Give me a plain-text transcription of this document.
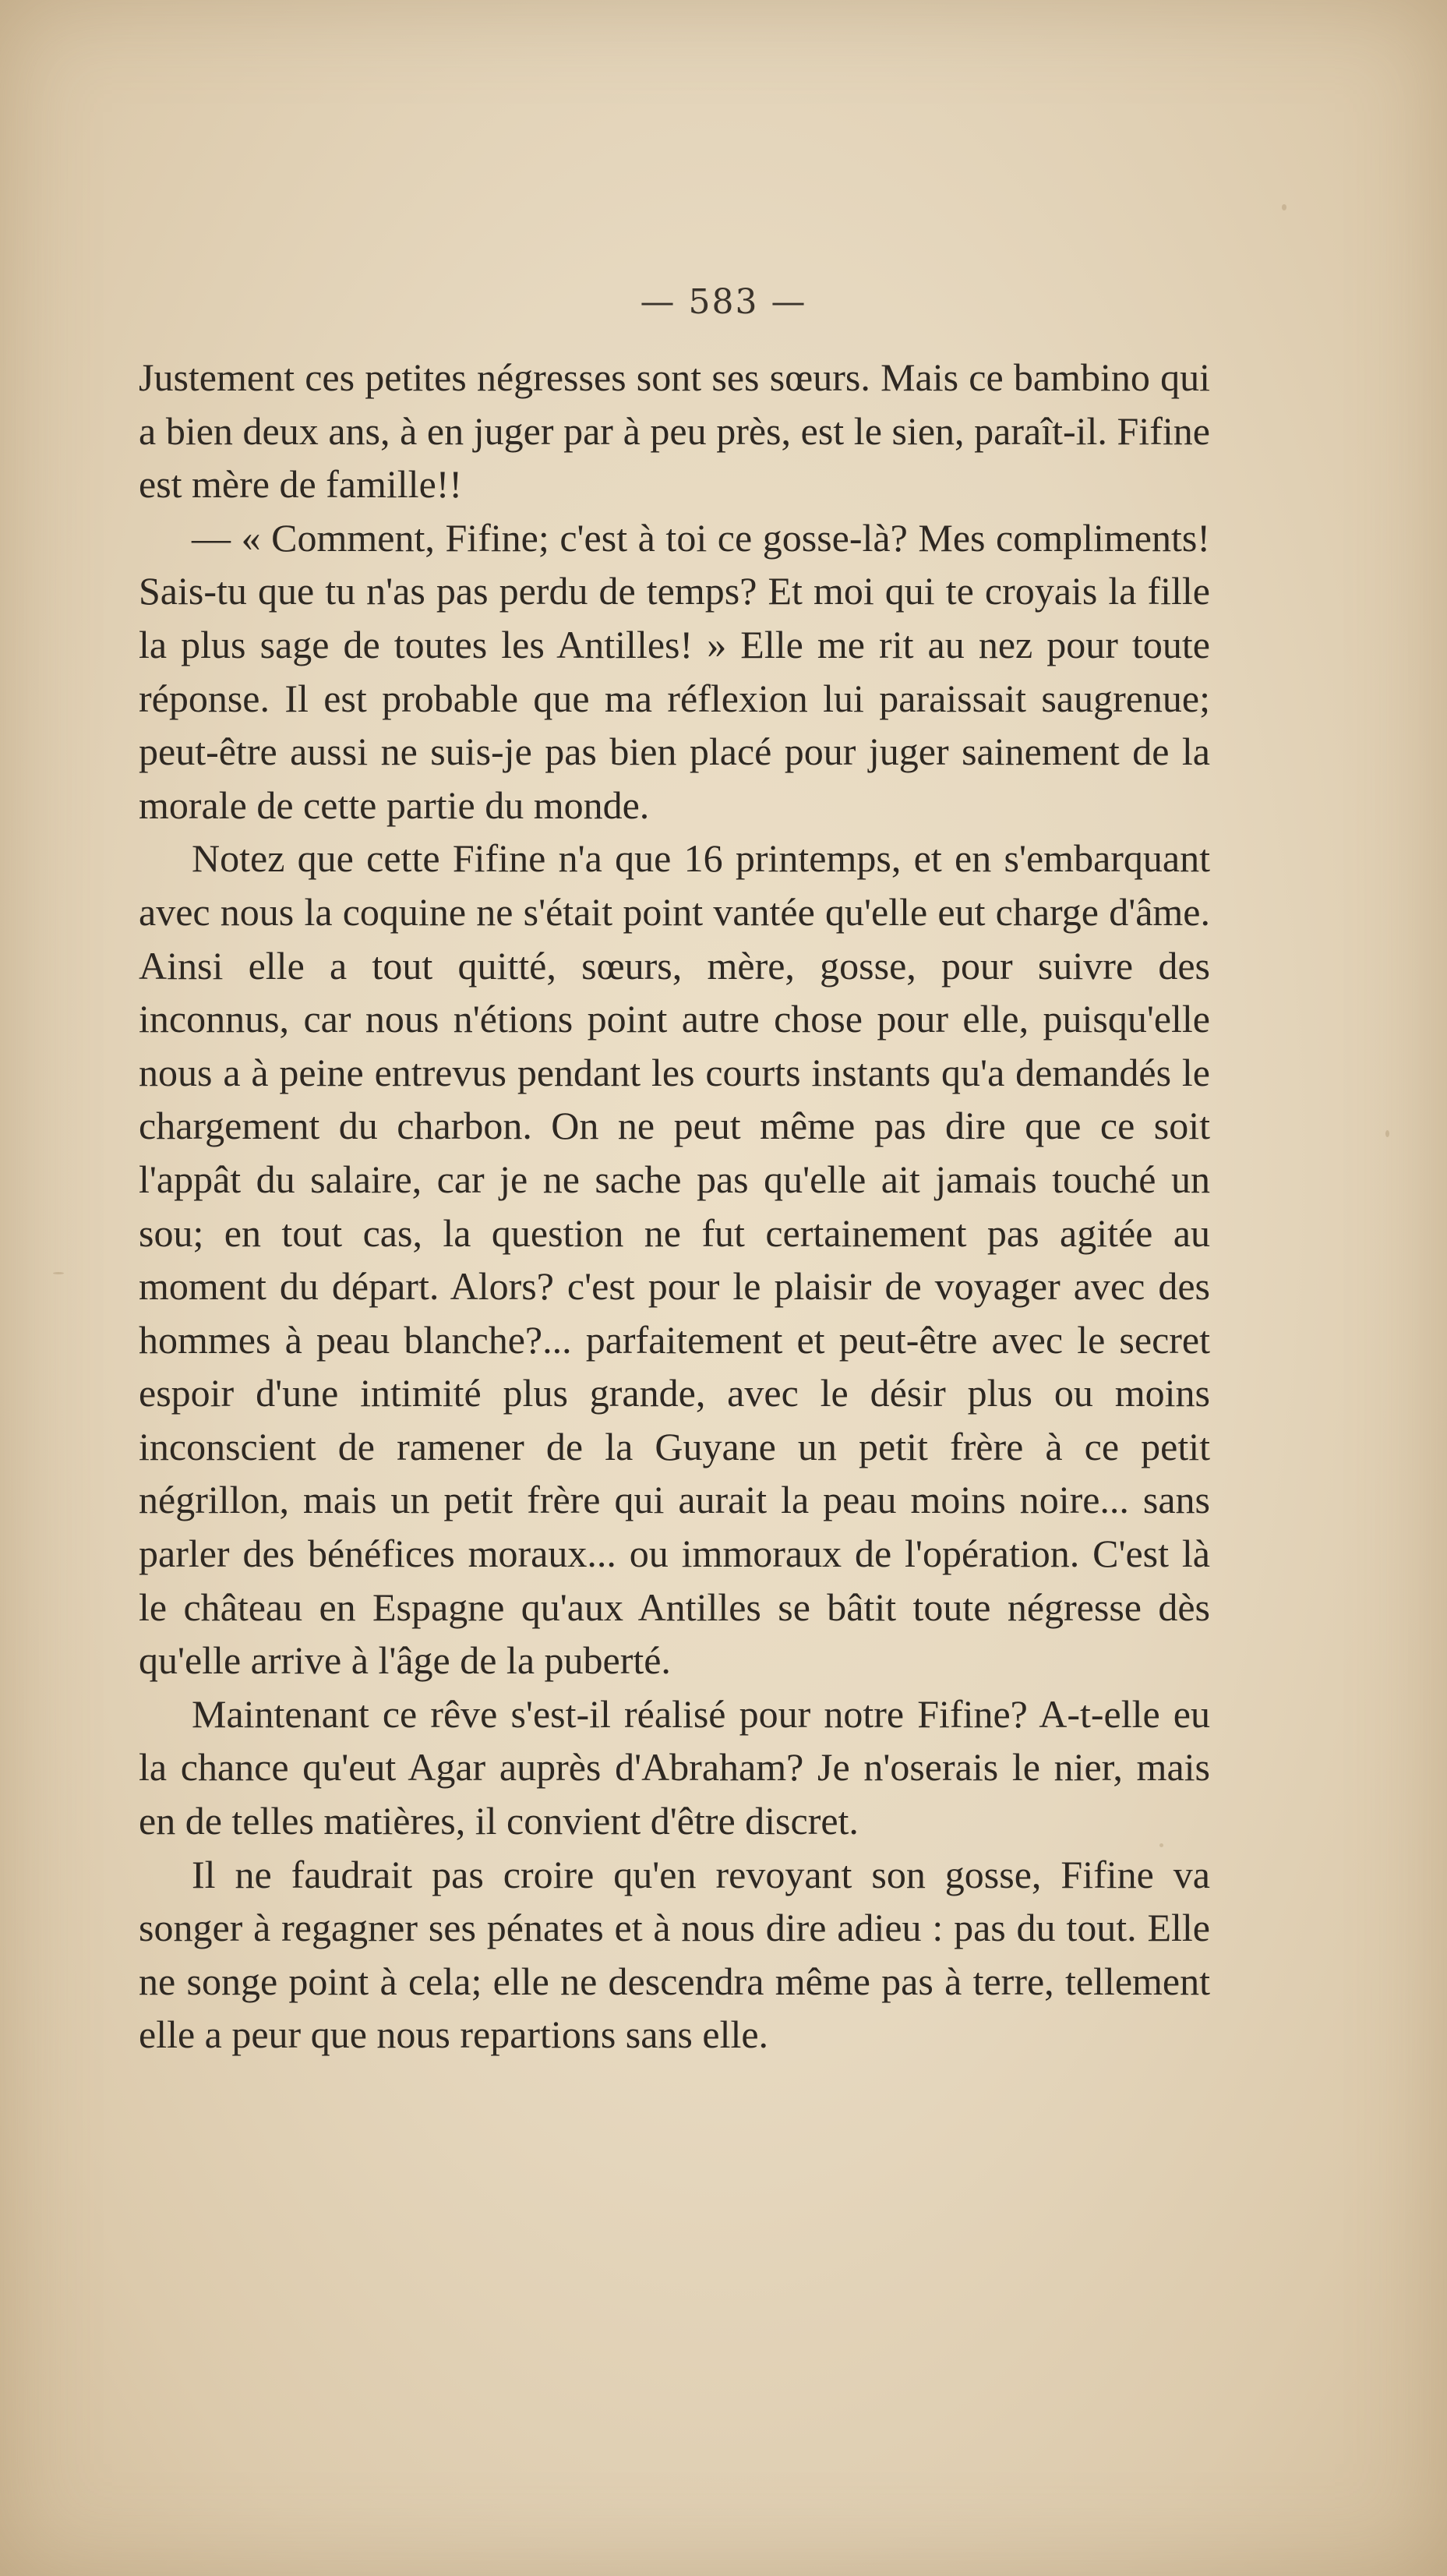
— 583 —

Justement ces petites négresses sont ses sœurs. Mais ce bambino qui a bien deux ans, à en juger par à peu près, est le sien, paraît-il. Fifine est mère de famille!!

— « Comment, Fifine; c'est à toi ce gosse-là? Mes compliments! Sais-tu que tu n'as pas perdu de temps? Et moi qui te croyais la fille la plus sage de toutes les Antilles! » Elle me rit au nez pour toute réponse. Il est probable que ma réflexion lui paraissait saugrenue; peut-être aussi ne suis-je pas bien placé pour juger sainement de la morale de cette partie du monde.

Notez que cette Fifine n'a que 16 printemps, et en s'embarquant avec nous la coquine ne s'était point vantée qu'elle eut charge d'âme. Ainsi elle a tout quitté, sœurs, mère, gosse, pour suivre des inconnus, car nous n'étions point autre chose pour elle, puisqu'elle nous a à peine entrevus pendant les courts instants qu'a demandés le chargement du charbon. On ne peut même pas dire que ce soit l'appât du salaire, car je ne sache pas qu'elle ait jamais touché un sou; en tout cas, la question ne fut certainement pas agitée au moment du départ. Alors? c'est pour le plaisir de voyager avec des hommes à peau blanche?... parfaitement et peut-être avec le secret espoir d'une intimité plus grande, avec le désir plus ou moins inconscient de ramener de la Guyane un petit frère à ce petit négrillon, mais un petit frère qui aurait la peau moins noire... sans parler des bénéfices moraux... ou immoraux de l'opération. C'est là le château en Espagne qu'aux Antilles se bâtit toute négresse dès qu'elle arrive à l'âge de la puberté.

Maintenant ce rêve s'est-il réalisé pour notre Fifine? A-t-elle eu la chance qu'eut Agar auprès d'Abraham? Je n'oserais le nier, mais en de telles matières, il convient d'être discret.

Il ne faudrait pas croire qu'en revoyant son gosse, Fifine va songer à regagner ses pénates et à nous dire adieu : pas du tout. Elle ne songe point à cela; elle ne descendra même pas à terre, tellement elle a peur que nous repartions sans elle.
